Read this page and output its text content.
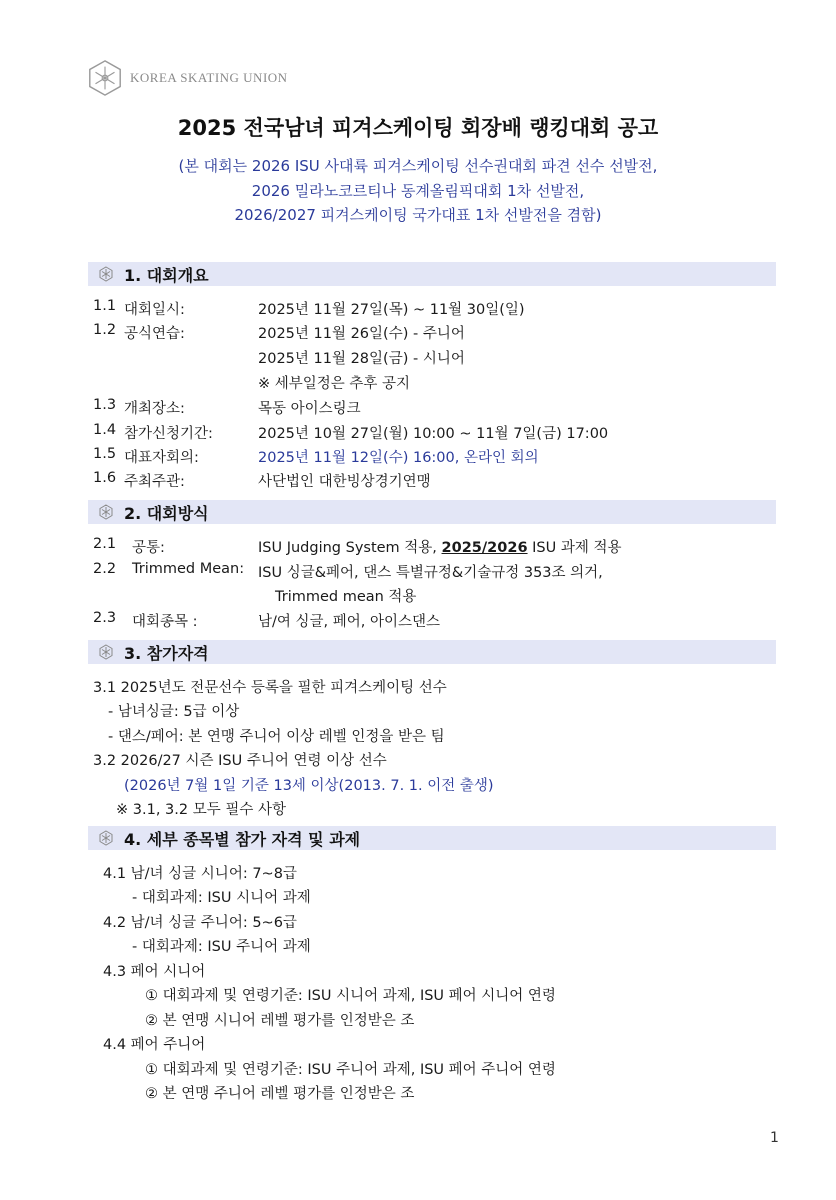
KOREA SKATING UNION
2025 전국남녀 피겨스케이팅 회장배 랭킹대회 공고
(본 대회는 2026 ISU 사대륙 피겨스케이팅 선수권대회 파견 선수 선발전,
2026 밀라노코르티나 동계올림픽대회 1차 선발전,
2026/2027 피겨스케이팅 국가대표 1차 선발전을 겸함)
1. 대회개요
1.1 대회일시:	2025년 11월 27일(목) ~ 11월 30일(일)
1.2 공식연습:	2025년 11월 26일(수) - 주니어
2025년 11월 28일(금) - 시니어
※ 세부일정은 추후 공지
1.3 개최장소:	목동 아이스링크
1.4 참가신청기간:	2025년 10월 27일(월) 10:00 ~ 11월 7일(금) 17:00
1.5 대표자회의:	2025년 11월 12일(수) 16:00, 온라인 회의
1.6 주최주관:	사단법인 대한빙상경기연맹
2. 대회방식
2.1 공통:	ISU Judging System 적용, 2025/2026 ISU 과제 적용
2.2 Trimmed Mean: ISU 싱글&페어, 댄스 특별규정&기술규정 353조 의거,
Trimmed mean 적용
2.3 대회종목 :	남/여 싱글, 페어, 아이스댄스
3. 참가자격
3.1 2025년도 전문선수 등록을 필한 피겨스케이팅 선수
- 남녀싱글: 5급 이상
- 댄스/페어: 본 연맹 주니어 이상 레벨 인정을 받은 팀
3.2 2026/27 시즌 ISU 주니어 연령 이상 선수
(2026년 7월 1일 기준 13세 이상(2013. 7. 1. 이전 출생)
※ 3.1, 3.2 모두 필수 사항
4. 세부 종목별 참가 자격 및 과제
4.1 남/녀 싱글 시니어: 7~8급
- 대회과제: ISU 시니어 과제
4.2 남/녀 싱글 주니어: 5~6급
- 대회과제: ISU 주니어 과제
4.3 페어 시니어
① 대회과제 및 연령기준: ISU 시니어 과제, ISU 페어 시니어 연령
② 본 연맹 시니어 레벨 평가를 인정받은 조
4.4 페어 주니어
① 대회과제 및 연령기준: ISU 주니어 과제, ISU 페어 주니어 연령
② 본 연맹 주니어 레벨 평가를 인정받은 조
1
